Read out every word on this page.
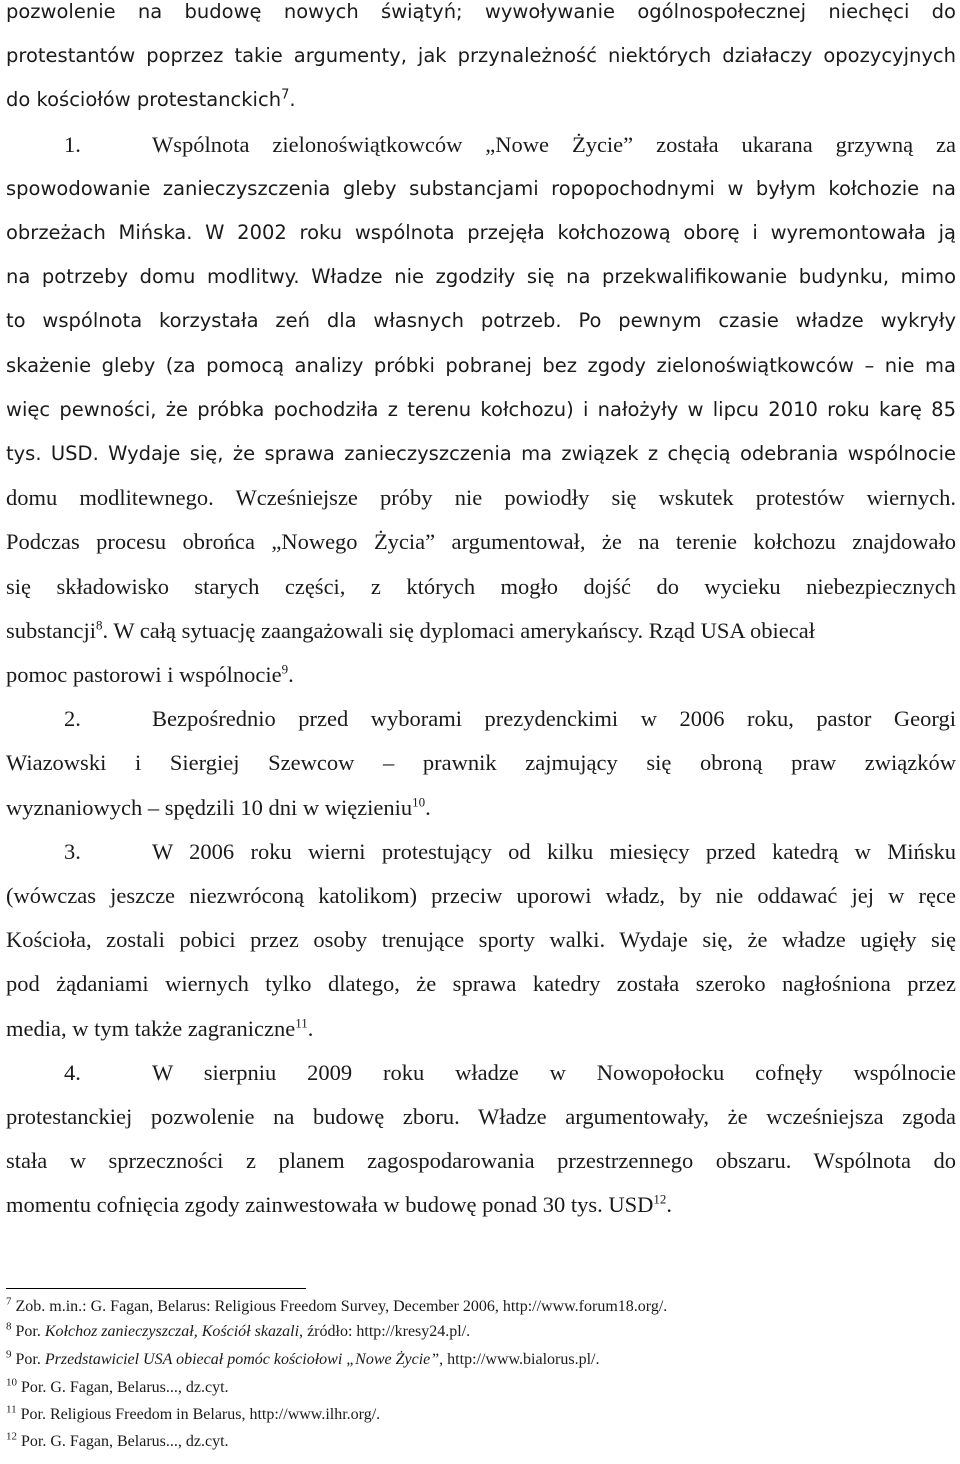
pozwolenie na budowę nowych świątyń; wywoływanie ogólnospołecznej niechęci do
protestantów poprzez takie argumenty, jak przynależność niektórych działaczy opozycyjnych
do kościołów protestanckich$^7$.
1.	Wspólnota zielonoświątkowców „Nowe Życie” została ukarana grzywną za
spowodowanie zanieczyszczenia gleby substancjami ropopochodnymi w byłym kołchozie na
obrzeżach Mińska. W 2002 roku wspólnota przejęła kołchozową oborę i wyremontowała ją
na potrzeby domu modlitwy. Władze nie zgodziły się na przekwalifikowanie budynku, mimo
to wspólnota korzystała zeń dla własnych potrzeb. Po pewnym czasie władze wykryły
skażenie gleby (za pomocą analizy próbki pobranej bez zgody zielonoświątkowców – nie ma
więc pewności, że próbka pochodziła z terenu kołchozu) i nałożyły w lipcu 2010 roku karę 85
tys. USD. Wydaje się, że sprawa zanieczyszczenia ma związek z chęcią odebrania wspólnocie
domu modlitewnego. Wcześniejsze próby nie powiodły się wskutek protestów wiernych.
Podczas procesu obrońca „Nowego Życia” argumentował, że na terenie kołchozu znajdowało
się składowisko starych części, z których mogło dojść do wycieku niebezpiecznych
substancji$^8$. W całą sytuację zaangażowali się dyplomaci amerykańscy. Rząd USA obiecał
pomoc pastorowi i wspólnocie$^9$.
2.	Bezpośrednio przed wyborami prezydenckimi w 2006 roku, pastor Georgi
Wiazowski i Siergiej Szewcow – prawnik zajmujący się obroną praw związków
wyznaniowych – spędzili 10 dni w więzieniu$^{10}$.
3.	W 2006 roku wierni protestujący od kilku miesięcy przed katedrą w Mińsku
(wówczas jeszcze niezwróconą katolikom) przeciw uporowi władz, by nie oddawać jej w ręce
Kościoła, zostali pobici przez osoby trenujące sporty walki. Wydaje się, że władze ugięły się
pod żądaniami wiernych tylko dlatego, że sprawa katedry została szeroko nagłośniona przez
media, w tym także zagraniczne$^{11}$.
4.	W sierpniu 2009 roku władze w Nowopołocku cofnęły wspólnocie
protestanckiej pozwolenie na budowę zboru. Władze argumentowały, że wcześniejsza zgoda
stała w sprzeczności z planem zagospodarowania przestrzennego obszaru. Wspólnota do
momentu cofnięcia zgody zainwestowała w budowę ponad 30 tys. USD$^{12}$.
$^7$ Zob. m.in.: G. Fagan, Belarus: Religious Freedom Survey, December 2006, http://www.forum18.org/.
$^8$ Por. Kołchoz zanieczyszczał, Kościół skazali, źródło: http://kresy24.pl/.
$^9$ Por. Przedstawiciel USA obiecał pomóc kościołowi „Nowe Życie”, http://www.bialorus.pl/.
$^{10}$ Por. G. Fagan, Belarus..., dz.cyt.
$^{11}$ Por. Religious Freedom in Belarus, http://www.ilhr.org/.
$^{12}$ Por. G. Fagan, Belarus..., dz.cyt.
